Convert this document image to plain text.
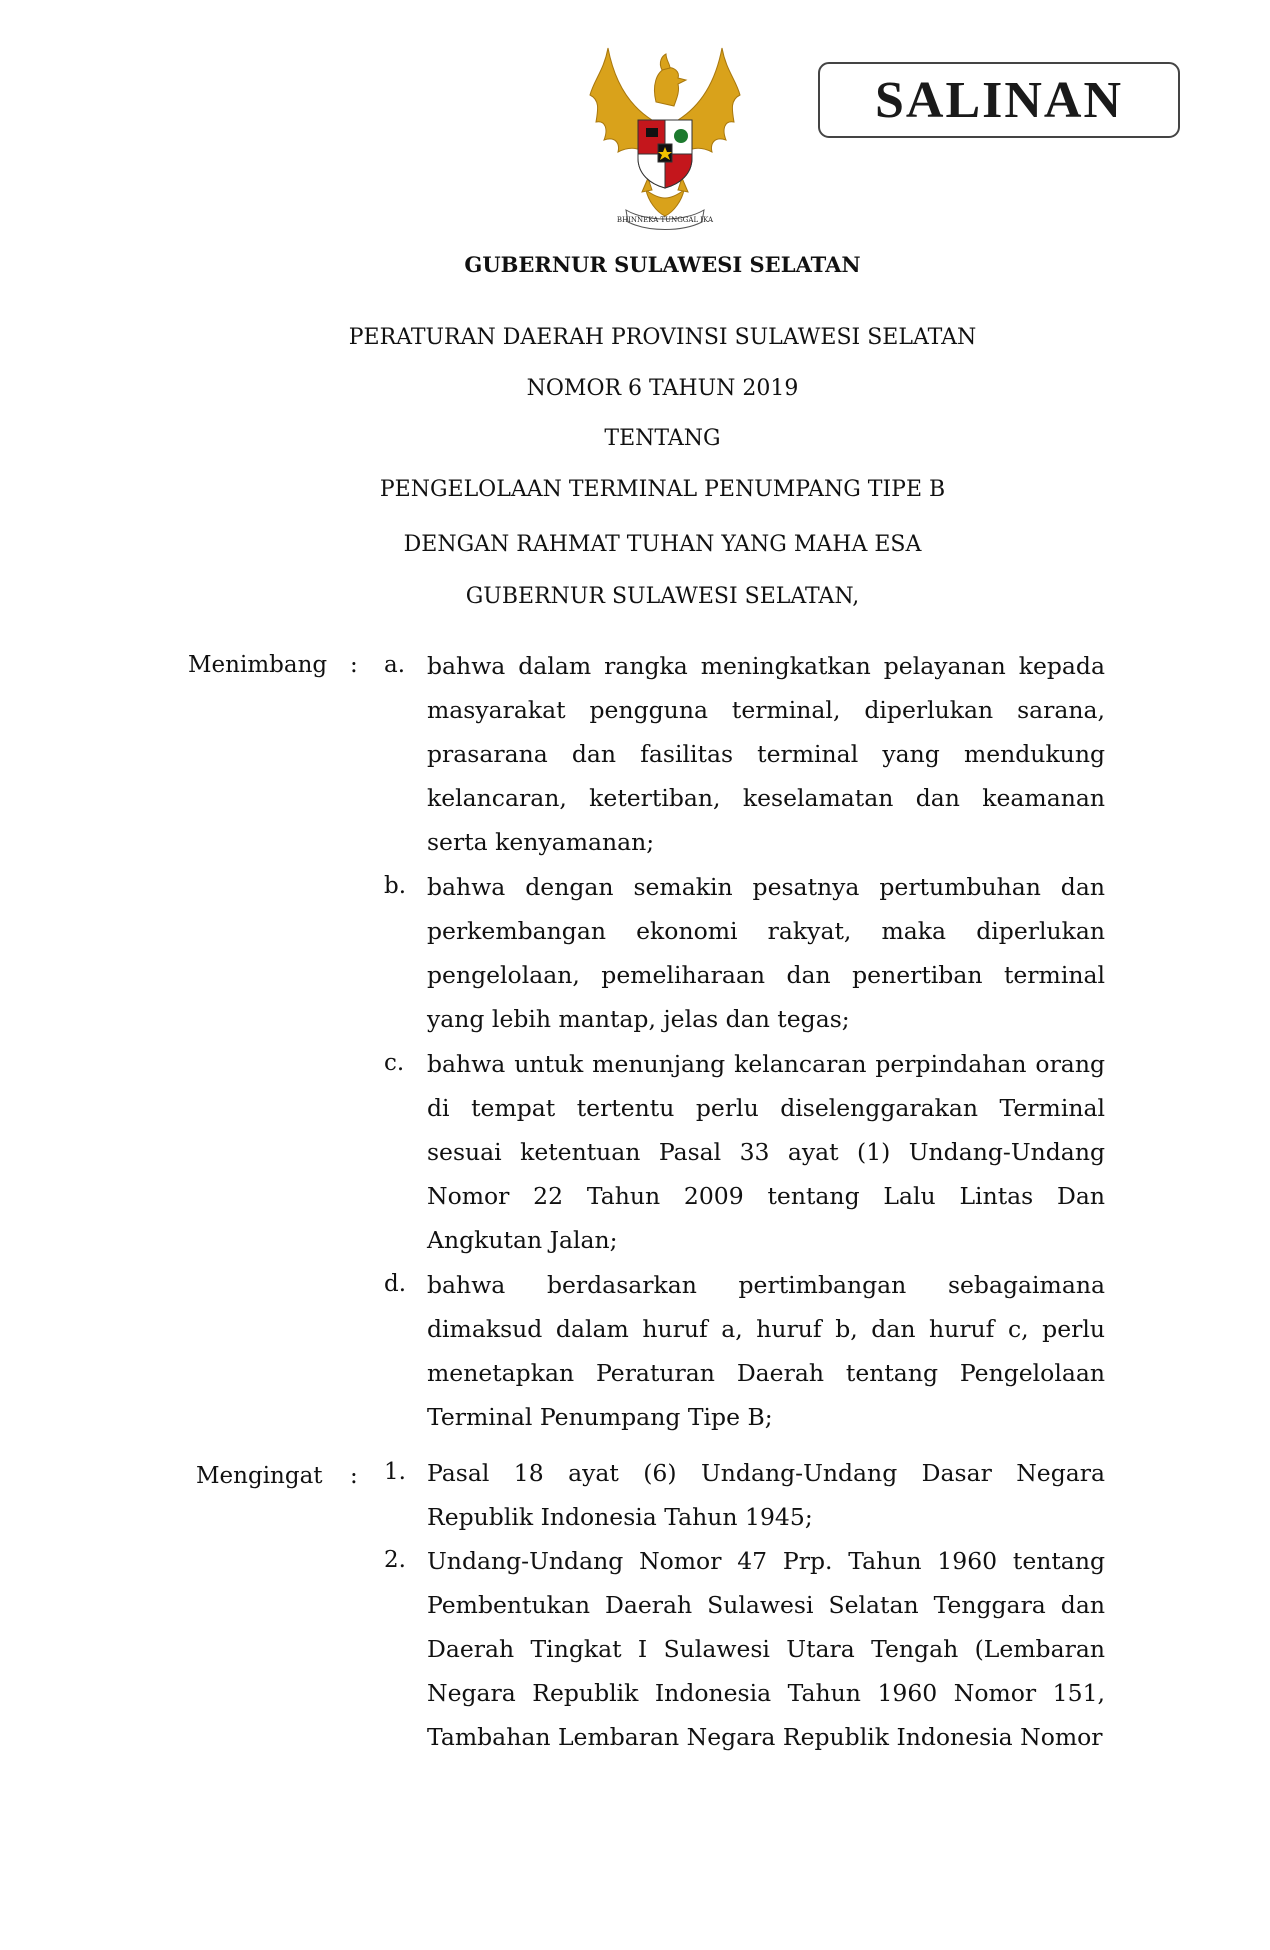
BHINNEKA TUNGGAL IKA
SALINAN
GUBERNUR SULAWESI SELATAN
PERATURAN DAERAH PROVINSI SULAWESI SELATAN
NOMOR 6 TAHUN 2019
TENTANG
PENGELOLAAN TERMINAL PENUMPANG TIPE B
DENGAN RAHMAT TUHAN YANG MAHA ESA
GUBERNUR SULAWESI SELATAN,
Menimbang : a. bahwa dalam rangka meningkatkan pelayanan kepada masyarakat pengguna terminal, diperlukan sarana, prasarana dan fasilitas terminal yang mendukung kelancaran, ketertiban, keselamatan dan keamanan serta kenyamanan;

b. bahwa dengan semakin pesatnya pertumbuhan dan perkembangan ekonomi rakyat, maka diperlukan pengelolaan, pemeliharaan dan penertiban terminal yang lebih mantap, jelas dan tegas;

c. bahwa untuk menunjang kelancaran perpindahan orang di tempat tertentu perlu diselenggarakan Terminal sesuai ketentuan Pasal 33 ayat (1) Undang-Undang Nomor 22 Tahun 2009 tentang Lalu Lintas Dan Angkutan Jalan;

d. bahwa berdasarkan pertimbangan sebagaimana dimaksud dalam huruf a, huruf b, dan huruf c, perlu menetapkan Peraturan Daerah tentang Pengelolaan Terminal Penumpang Tipe B;

Mengingat : 1. Pasal 18 ayat (6) Undang-Undang Dasar Negara Republik Indonesia Tahun 1945;

2. Undang-Undang Nomor 47 Prp. Tahun 1960 tentang Pembentukan Daerah Sulawesi Selatan Tenggara dan Daerah Tingkat I Sulawesi Utara Tengah (Lembaran Negara Republik Indonesia Tahun 1960 Nomor 151, Tambahan Lembaran Negara Republik Indonesia Nomor
